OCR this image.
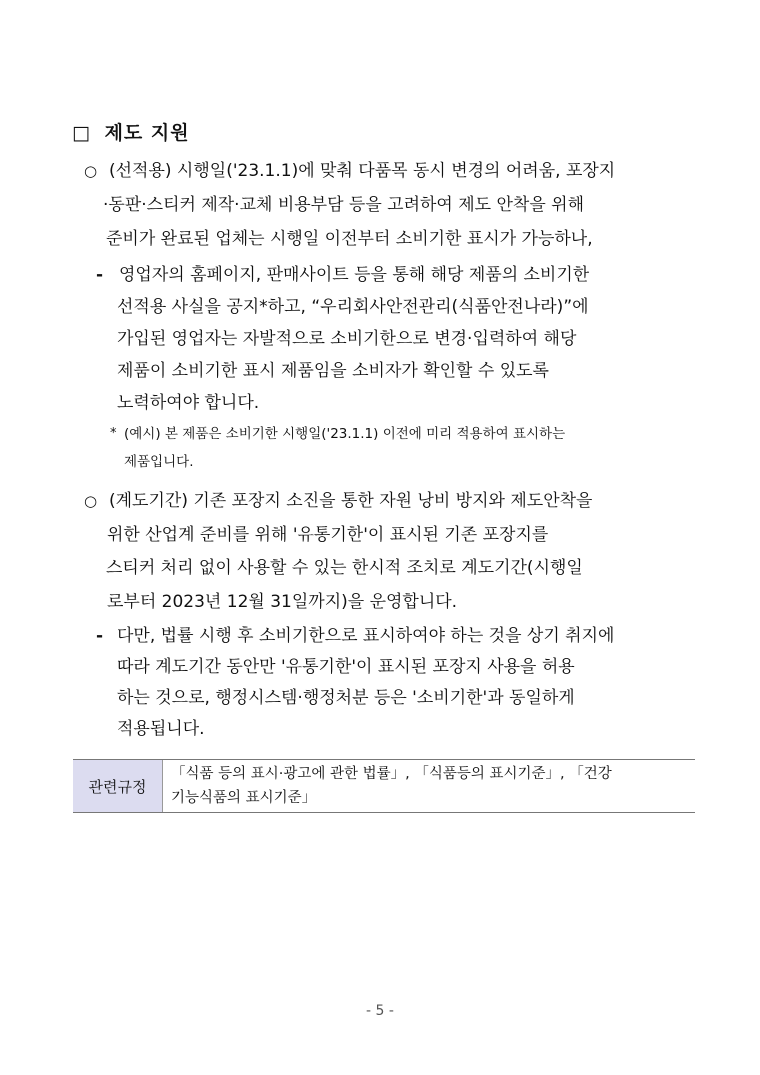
□ 제도 지원
○ (선적용) 시행일('23.1.1)에 맞춰 다품목 동시 변경의 어려움, 포장지
·동판·스티커 제작·교체 비용부담 등을 고려하여 제도 안착을 위해
준비가 완료된 업체는 시행일 이전부터 소비기한 표시가 가능하나,
- 영업자의 홈페이지, 판매사이트 등을 통해 해당 제품의 소비기한
선적용 사실을 공지*하고, “우리회사안전관리(식품안전나라)”에
가입된 영업자는 자발적으로 소비기한으로 변경·입력하여 해당
제품이 소비기한 표시 제품임을 소비자가 확인할 수 있도록
노력하여야 합니다.
* (예시) 본 제품은 소비기한 시행일('23.1.1) 이전에 미리 적용하여 표시하는
제품입니다.
○ (계도기간) 기존 포장지 소진을 통한 자원 낭비 방지와 제도안착을
위한 산업계 준비를 위해 '유통기한'이 표시된 기존 포장지를
스티커 처리 없이 사용할 수 있는 한시적 조치로 계도기간(시행일
로부터 2023년 12월 31일까지)을 운영합니다.
- 다만, 법률 시행 후 소비기한으로 표시하여야 하는 것을 상기 취지에
따라 계도기간 동안만 '유통기한'이 표시된 포장지 사용을 허용
하는 것으로, 행정시스템·행정처분 등은 '소비기한'과 동일하게
적용됩니다.
관련규정
「식품 등의 표시·광고에 관한 법률」, 「식품등의 표시기준」, 「건강
기능식품의 표시기준」
- 5 -
